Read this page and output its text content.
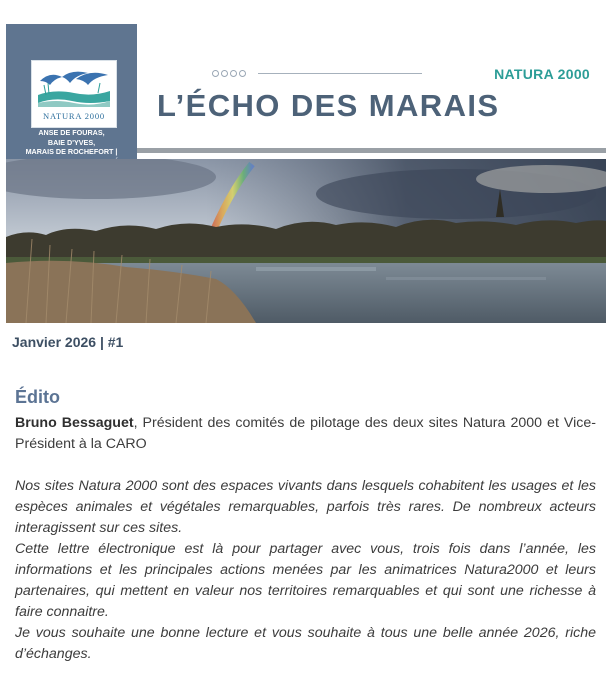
NATURA 2000
ANSE DE FOURAS,
BAIE D'YVES,
MARAIS DE ROCHEFORT |
NATURA 2000
L’ÉCHO DES MARAIS
Janvier 2026 | #1
Édito
Bruno Bessaguet, Président des comités de pilotage des deux sites Natura 2000 et Vice-Président à la CARO

Nos sites Natura 2000 sont des espaces vivants dans lesquels cohabitent les usages et les espèces animales et végétales remarquables, parfois très rares. De nombreux acteurs interagissent sur ces sites.

Cette lettre électronique est là pour partager avec vous, trois fois dans l’année, les informations et les principales actions menées par les animatrices Natura2000 et leurs partenaires, qui mettent en valeur nos territoires remarquables et qui sont une richesse à faire connaitre.

Je vous souhaite une bonne lecture et vous souhaite à tous une belle année 2026, riche d’échanges.
